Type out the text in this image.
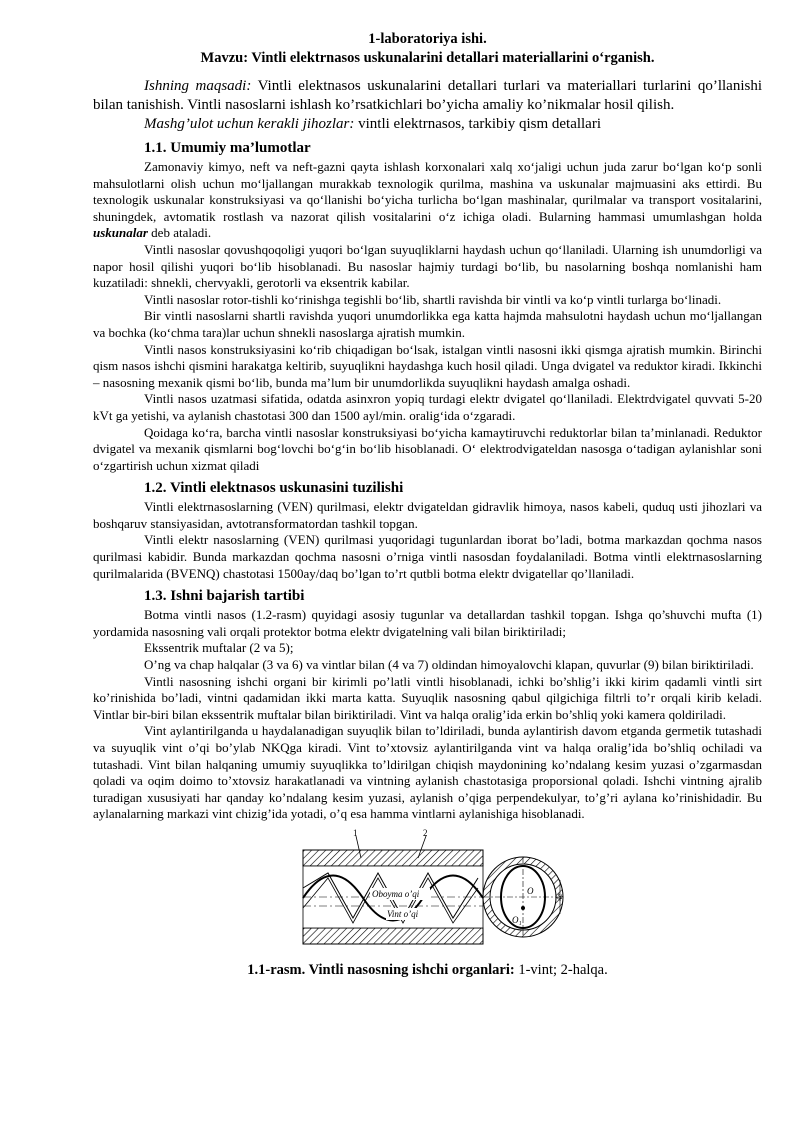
1-laboratoriya ishi.

Mavzu: Vintli elektrnasos uskunalarini detallari materiallarini o‘rganish.

Ishning maqsadi: Vintli elektnasos uskunalarini detallari turlari va materiallari turlarini qo’llanishi bilan tanishish. Vintli nasoslarni ishlash ko’rsatkichlari bo’yicha amaliy ko’nikmalar hosil qilish.

Mashg’ulot uchun kerakli jihozlar: vintli elektrnasos, tarkibiy qism detallari

1.1. Umumiy ma’lumotlar

Zamonaviy kimyo, neft va neft-gazni qayta ishlash korxonalari xalq xo‘jaligi uchun juda zarur bo‘lgan ko‘p sonli mahsulotlarni olish uchun mo‘ljallangan murakkab texnologik qurilma, mashina va uskunalar majmuasini aks ettirdi. Bu texnologik uskunalar konstruksiyasi va qo‘llanishi bo‘yicha turlicha bo‘lgan mashinalar, qurilmalar va transport vositalarini, shuningdek, avtomatik rostlash va nazorat qilish vositalarini o‘z ichiga oladi. Bularning hammasi umumlashgan holda uskunalar deb ataladi.

Vintli nasoslar qovushqoqoligi yuqori bo‘lgan suyuqliklarni haydash uchun qo‘llaniladi. Ularning ish unumdorligi va napor hosil qilishi yuqori bo‘lib hisoblanadi. Bu nasoslar hajmiy turdagi bo‘lib, bu nasolarning boshqa nomlanishi ham kuzatiladi: shnekli, chervyakli, gerotorli va eksentrik kabilar.

Vintli nasoslar rotor-tishli ko‘rinishga tegishli bo‘lib, shartli ravishda bir vintli va ko‘p vintli turlarga bo‘linadi.

Bir vintli nasoslarni shartli ravishda yuqori unumdorlikka ega katta hajmda mahsulotni haydash uchun mo‘ljallangan va bochka (ko‘chma tara)lar uchun shnekli nasoslarga ajratish mumkin.

Vintli nasos konstruksiyasini ko‘rib chiqadigan bo‘lsak, istalgan vintli nasosni ikki qismga ajratish mumkin. Birinchi qism nasos ishchi qismini harakatga keltirib, suyuqlikni haydashga kuch hosil qiladi. Unga dvigatel va reduktor kiradi. Ikkinchi – nasosning mexanik qismi bo‘lib, bunda ma’lum bir unumdorlikda suyuqlikni haydash amalga oshadi.

Vintli nasos uzatmasi sifatida, odatda asinxron yopiq turdagi elektr dvigatel qo‘llaniladi. Elektrdvigatel quvvati 5-20 kVt ga yetishi, va aylanish chastotasi 300 dan 1500 ayl/min. oralig‘ida o‘zgaradi.

Qoidaga ko‘ra, barcha vintli nasoslar konstruksiyasi bo‘yicha kamaytiruvchi reduktorlar bilan ta’minlanadi. Reduktor dvigatel va mexanik qismlarni bog‘lovchi bo‘g‘in bo‘lib hisoblanadi. O‘ elektrodvigateldan nasosga o‘tadigan aylanishlar soni o‘zgartirish uchun xizmat qiladi

1.2. Vintli elektnasos uskunasini tuzilishi

Vintli elektrnasoslarning (VEN) qurilmasi, elektr dvigateldan gidravlik himoya, nasos kabeli, quduq usti jihozlari va boshqaruv stansiyasidan, avtotransformatordan tashkil topgan.

Vintli elektr nasoslarning (VEN) qurilmasi yuqoridagi tugunlardan iborat bo’ladi, botma markazdan qochma nasos qurilmasi kabidir. Bunda markazdan qochma nasosni o’rniga vintli nasosdan foydalaniladi. Botma vintli elektrnasoslarning qurilmalarida (BVENQ) chastotasi 1500ay/daq bo’lgan to’rt qutbli botma elektr dvigatellar qo’llaniladi.

1.3. Ishni bajarish tartibi

Botma vintli nasos (1.2-rasm) quyidagi asosiy tugunlar va detallardan tashkil topgan. Ishga qo’shuvchi mufta (1) yordamida nasosning vali orqali protektor botma elektr dvigatelning vali bilan biriktiriladi;

Ekssentrik muftalar (2 va 5);

O’ng va chap halqalar (3 va 6) va vintlar bilan (4 va 7) oldindan himoyalovchi klapan, quvurlar (9) bilan biriktiriladi.

Vintli nasosning ishchi organi bir kirimli po’latli vintli hisoblanadi, ichki bo’shlig’i ikki kirim qadamli vintli sirt ko’rinishida bo’ladi, vintni qadamidan ikki marta katta. Suyuqlik nasosning qabul qilgichiga filtrli to’r orqali kirib keladi. Vintlar bir-biri bilan ekssentrik muftalar bilan biriktiriladi. Vint va halqa oralig’ida erkin bo’shliq yoki kamera qoldiriladi.

Vint aylantirilganda u haydalanadigan suyuqlik bilan to’ldiriladi, bunda aylantirish davom etganda germetik tutashadi va suyuqlik vint o’qi bo’ylab NKQga kiradi. Vint to’xtovsiz aylantirilganda vint va halqa oralig’ida bo’shliq ochiladi va tutashadi. Vint bilan halqaning umumiy suyuqlikka to’ldirilgan chiqish maydonining ko’ndalang kesim yuzasi o’zgarmasdan qoladi va oqim doimo to’xtovsiz harakatlanadi va vintning aylanish chastotasiga proporsional qoladi. Ishchi vintning ajralib turadigan xususiyati har qanday ko’ndalang kesim yuzasi, aylanish o’qiga perpendekulyar, to’g’ri aylana ko’rinishidadir. Bu aylanalarning markazi vint chizig’ida yotadi, o’q esa hamma vintlarni aylanishiga hisoblanadi.

1	2
Oboyma o’qi
Vint o’qi
O₁
O
4e
1.1-rasm. Vintli nasosning ishchi organlari: 1-vint; 2-halqa.
